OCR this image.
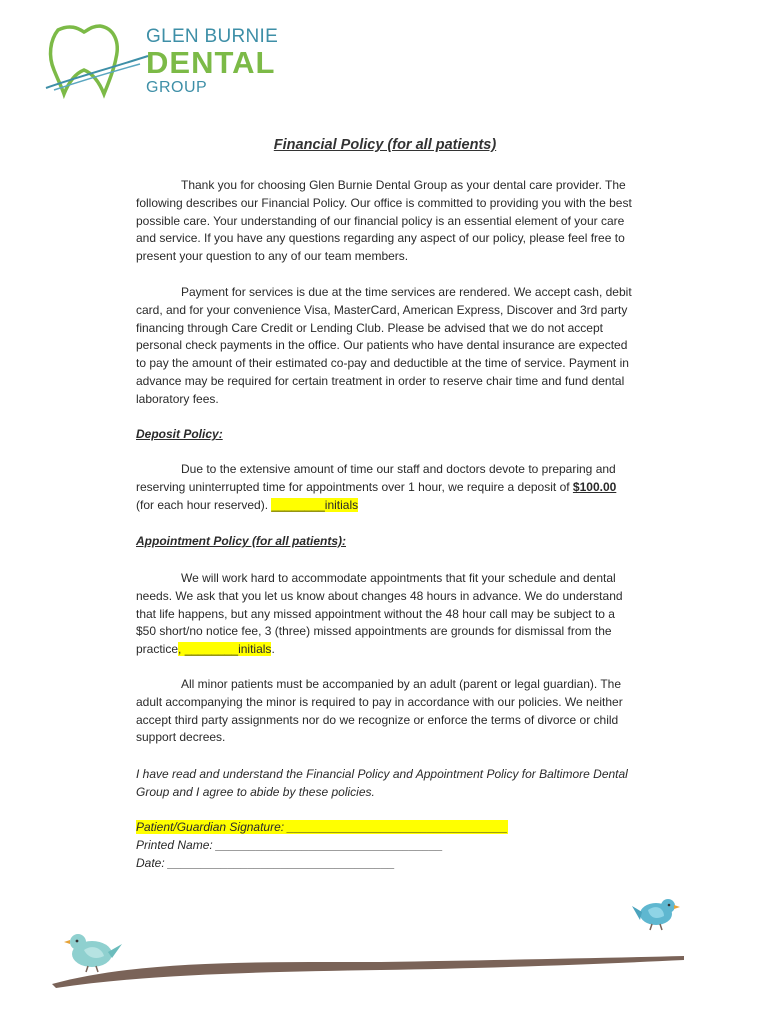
GLEN BURNIE
DENTAL
GROUP
Financial Policy (for all patients)

Thank you for choosing Glen Burnie Dental Group as your dental care provider. The following describes our Financial Policy. Our office is committed to providing you with the best possible care. Your understanding of our financial policy is an essential element of your care and service. If you have any questions regarding any aspect of our policy, please feel free to present your question to any of our team members.

Payment for services is due at the time services are rendered. We accept cash, debit card, and for your convenience Visa, MasterCard, American Express, Discover and 3rd party financing through Care Credit or Lending Club. Please be advised that we do not accept personal check payments in the office. Our patients who have dental insurance are expected to pay the amount of their estimated co-pay and deductible at the time of service. Payment in advance may be required for certain treatment in order to reserve chair time and fund dental laboratory fees.

Deposit Policy:

Due to the extensive amount of time our staff and doctors devote to preparing and reserving uninterrupted time for appointments over 1 hour, we require a deposit of $100.00 (for each hour reserved). ________initials

Appointment Policy (for all patients):

We will work hard to accommodate appointments that fit your schedule and dental needs. We ask that you let us know about changes 48 hours in advance. We do understand that life happens, but any missed appointment without the 48 hour call may be subject to a $50 short/no notice fee, 3 (three) missed appointments are grounds for dismissal from the practice, ________initials.

All minor patients must be accompanied by an adult (parent or legal guardian). The adult accompanying the minor is required to pay in accordance with our policies. We neither accept third party assignments nor do we recognize or enforce the terms of divorce or child support decrees.

I have read and understand the Financial Policy and Appointment Policy for Baltimore Dental Group and I agree to abide by these policies.

Patient/Guardian Signature: _________________________________
Printed Name: __________________________________
Date: __________________________________
